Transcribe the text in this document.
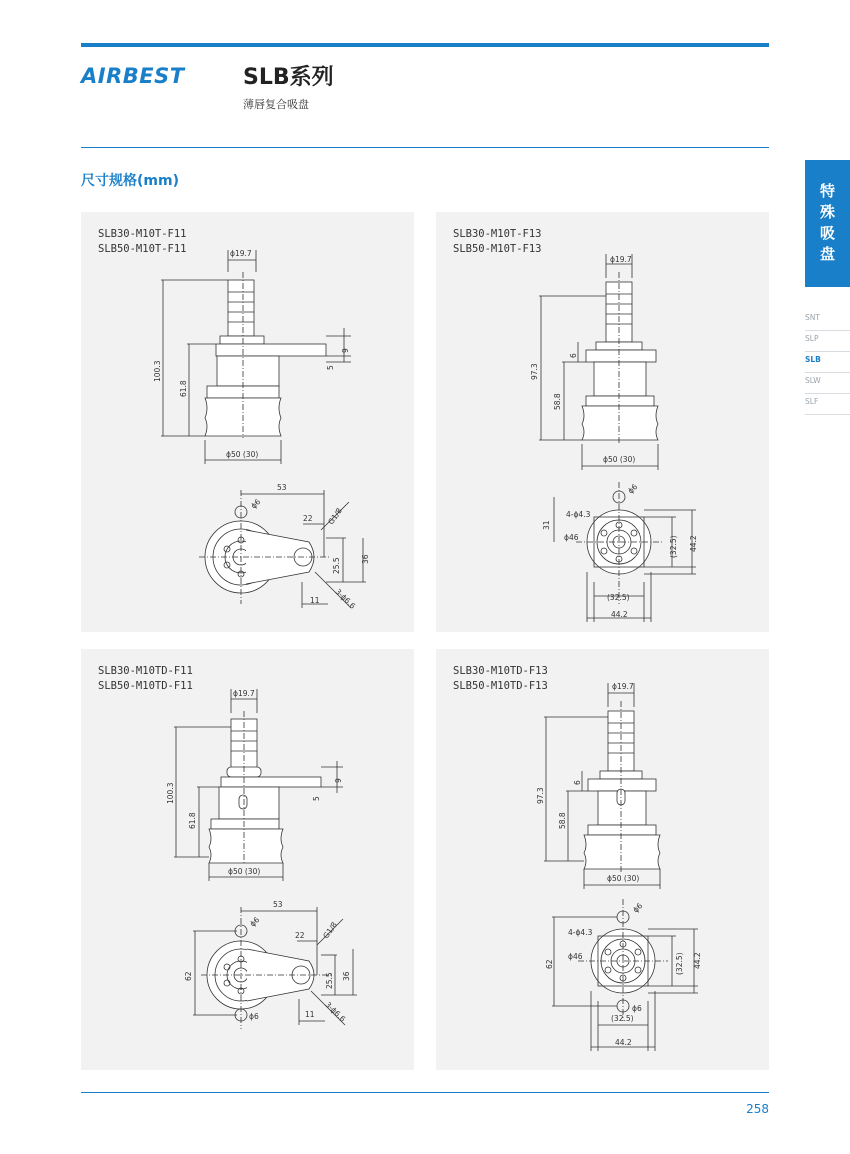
AIRBEST	SLB系列
薄唇复合吸盘
尺寸规格(mm)
特
殊
吸
盘
SNT
SLP
SLB
SLW
SLF
SLB30-M10T-F11
SLB50-M10T-F11	ϕ19.7
100.3
61.8
ϕ50 (30)
9
5
53
ϕ6
22 G1/8
25.5	36
11 3-ϕ6.6
SLB30-M10T-F13
SLB50-M10T-F13
ϕ19.7
97.3
58.8
6
ϕ50 (30)
ϕ6
4-ϕ4.3
ϕ46
31
(32.5) 44.2
(32.5)
44.2
SLB30-M10TD-F11
SLB50-M10TD-F11
ϕ19.7
100.3
61.8
ϕ50 (30)
9
5
53
ϕ6
22 G1/8
25.5 36
11 3-ϕ6.6
62
ϕ6
SLB30-M10TD-F13
SLB50-M10TD-F13	ϕ19.7
97.3
58.8
6
ϕ50 (30)
ϕ6
4-ϕ4.3
ϕ46
62	(32.5) 44.2
(32.5)
44.2
ϕ6
258
